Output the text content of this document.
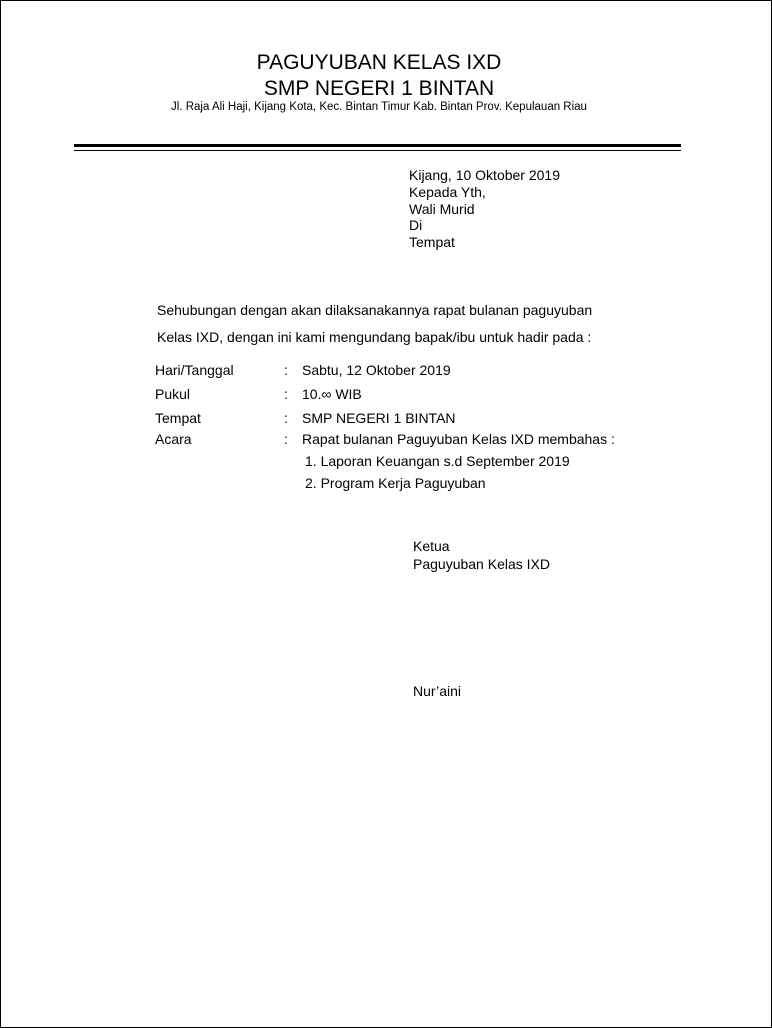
PAGUYUBAN KELAS IXD
SMP NEGERI 1 BINTAN
Jl. Raja Ali Haji, Kijang Kota, Kec. Bintan Timur Kab. Bintan Prov. Kepulauan Riau
Kijang, 10 Oktober 2019
Kepada Yth,
Wali Murid
Di
Tempat
Sehubungan dengan akan dilaksanakannya rapat bulanan paguyuban
Kelas IXD, dengan ini kami mengundang bapak/ibu untuk hadir pada :
Hari/Tanggal	: Sabtu, 12 Oktober 2019
Pukul	: 10.∞ WIB
Tempat	: SMP NEGERI 1 BINTAN
Acara	: Rapat bulanan Paguyuban Kelas IXD membahas :
1. Laporan Keuangan s.d September 2019
2. Program Kerja Paguyuban
Ketua
Paguyuban Kelas IXD
Nur’aini
